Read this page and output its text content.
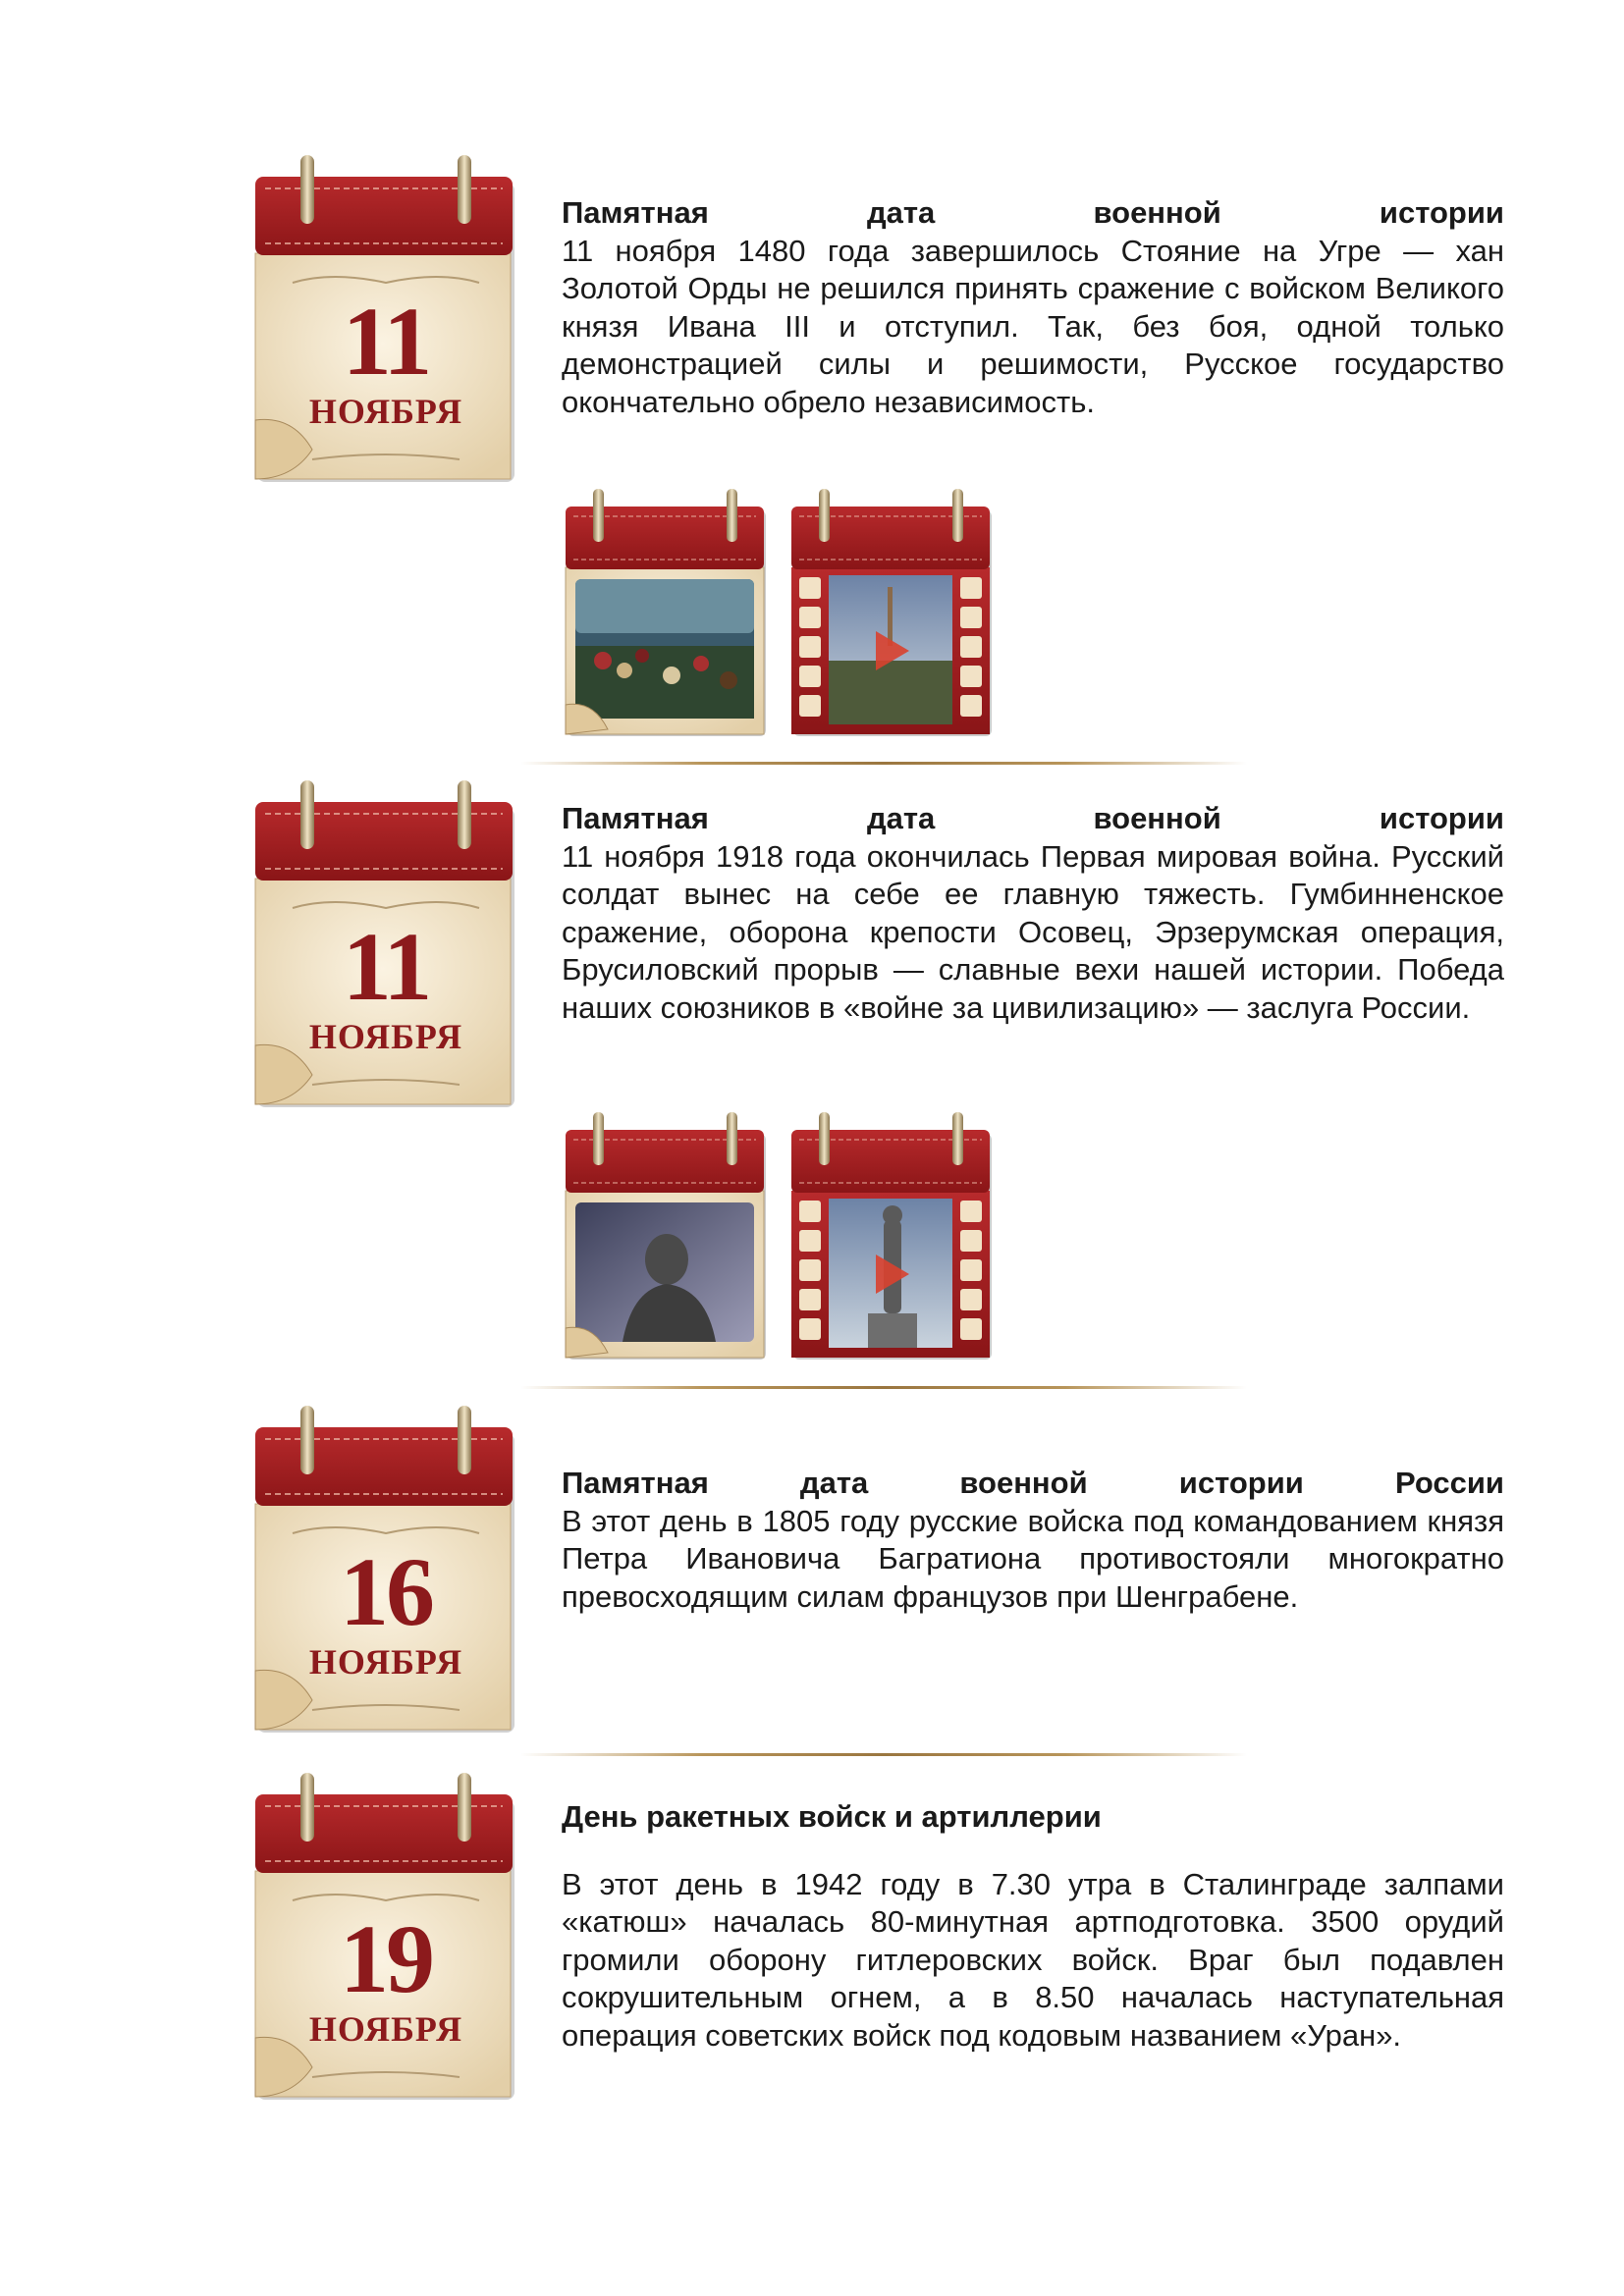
11
НОЯБРЯ
Памятная дата военной истории
11 ноября 1480 года завершилось Стояние на Угре — хан Золотой Орды не решился принять сражение с войском Великого князя Ивана III и отступил. Так, без боя, одной только демонстрацией силы и решимости, Русское государство окончательно обрело независимость.
11
НОЯБРЯ
Памятная дата военной истории
11 ноября 1918 года окончилась Первая мировая война. Русский солдат вынес на себе ее главную тяжесть. Гумбинненское сражение, оборона крепости Осовец, Эрзерумская операция, Брусиловский прорыв — славные вехи нашей истории. Победа наших союзников в «войне за цивилизацию» — заслуга России.
16
НОЯБРЯ
Памятная дата военной истории России
В этот день в 1805 году русские войска под командованием князя Петра Ивановича Багратиона противостояли многократно превосходящим силам французов при Шенграбене.
19
НОЯБРЯ
День ракетных войск и артиллерии
В этот день в 1942 году в 7.30 утра в Сталинграде залпами «катюш» началась 80-минутная артподготовка. 3500 орудий громили оборону гитлеровских войск. Враг был подавлен сокрушительным огнем, а в 8.50 началась наступательная операция советских войск под кодовым названием «Уран».
